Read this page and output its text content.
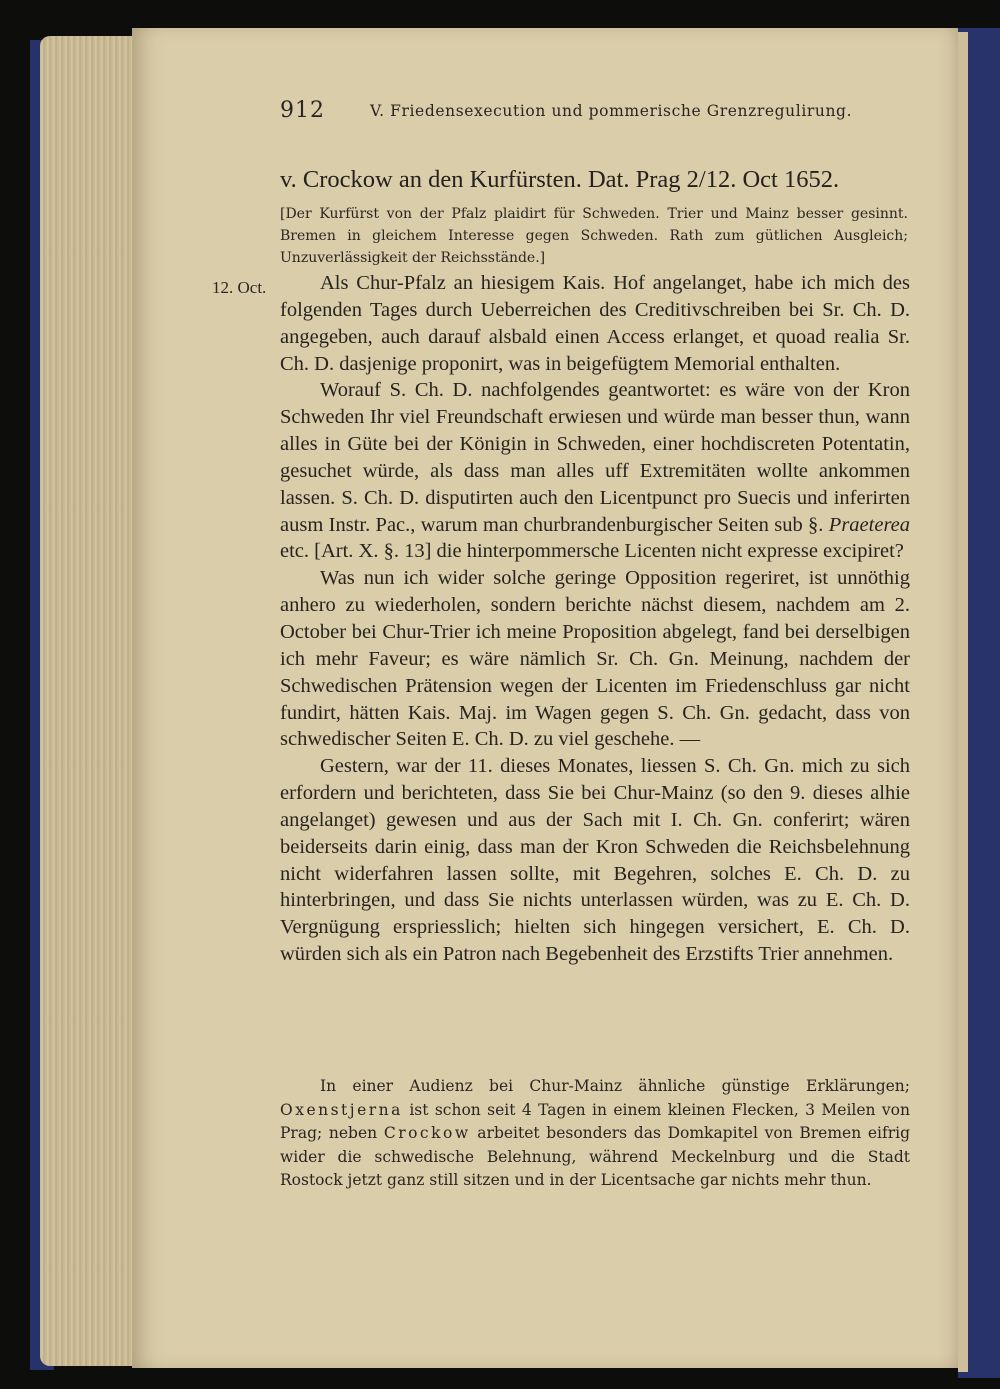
912	V. Friedensexecution und pommerische Grenzregulirung.
v. Crockow an den Kurfürsten. Dat. Prag 2/12. Oct 1652.
[Der Kurfürst von der Pfalz plaidirt für Schweden. Trier und Mainz besser gesinnt. Bremen in gleichem Interesse gegen Schweden. Rath zum gütlichen Ausgleich; Unzuverlässigkeit der Reichsstände.]
12. Oct.	Als Chur-Pfalz an hiesigem Kais. Hof angelanget, habe ich mich des folgenden Tages durch Ueberreichen des Creditivschreiben bei Sr. Ch. D. angegeben, auch darauf alsbald einen Access erlanget, et quoad realia Sr. Ch. D. dasjenige proponirt, was in beigefügtem Memorial enthalten.

Worauf S. Ch. D. nachfolgendes geantwortet: es wäre von der Kron Schweden Ihr viel Freundschaft erwiesen und würde man besser thun, wann alles in Güte bei der Königin in Schweden, einer hochdiscreten Potentatin, gesuchet würde, als dass man alles uff Extremitäten wollte ankommen lassen. S. Ch. D. disputirten auch den Licentpunct pro Suecis und inferirten ausm Instr. Pac., warum man churbrandenburgischer Seiten sub §. Praeterea etc. [Art. X. §. 13] die hinterpommersche Licenten nicht expresse excipiret?

Was nun ich wider solche geringe Opposition regeriret, ist unnöthig anhero zu wiederholen, sondern berichte nächst diesem, nachdem am 2. October bei Chur-Trier ich meine Proposition abgelegt, fand bei derselbigen ich mehr Faveur; es wäre nämlich Sr. Ch. Gn. Meinung, nachdem der Schwedischen Prätension wegen der Licenten im Friedenschluss gar nicht fundirt, hätten Kais. Maj. im Wagen gegen S. Ch. Gn. gedacht, dass von schwedischer Seiten E. Ch. D. zu viel geschehe. —

Gestern, war der 11. dieses Monates, liessen S. Ch. Gn. mich zu sich erfordern und berichteten, dass Sie bei Chur-Mainz (so den 9. dieses alhie angelanget) gewesen und aus der Sach mit I. Ch. Gn. conferirt; wären beiderseits darin einig, dass man der Kron Schweden die Reichsbelehnung nicht widerfahren lassen sollte, mit Begehren, solches E. Ch. D. zu hinterbringen, und dass Sie nichts unterlassen würden, was zu E. Ch. D. Vergnügung erspriesslich; hielten sich hingegen versichert, E. Ch. D. würden sich als ein Patron nach Begebenheit des Erzstifts Trier annehmen.

In einer Audienz bei Chur-Mainz ähnliche günstige Erklärungen; Oxenstjerna ist schon seit 4 Tagen in einem kleinen Flecken, 3 Meilen von Prag; neben Crockow arbeitet besonders das Domkapitel von Bremen eifrig wider die schwedische Belehnung, während Meckelnburg und die Stadt Rostock jetzt ganz still sitzen und in der Licentsache gar nichts mehr thun.
